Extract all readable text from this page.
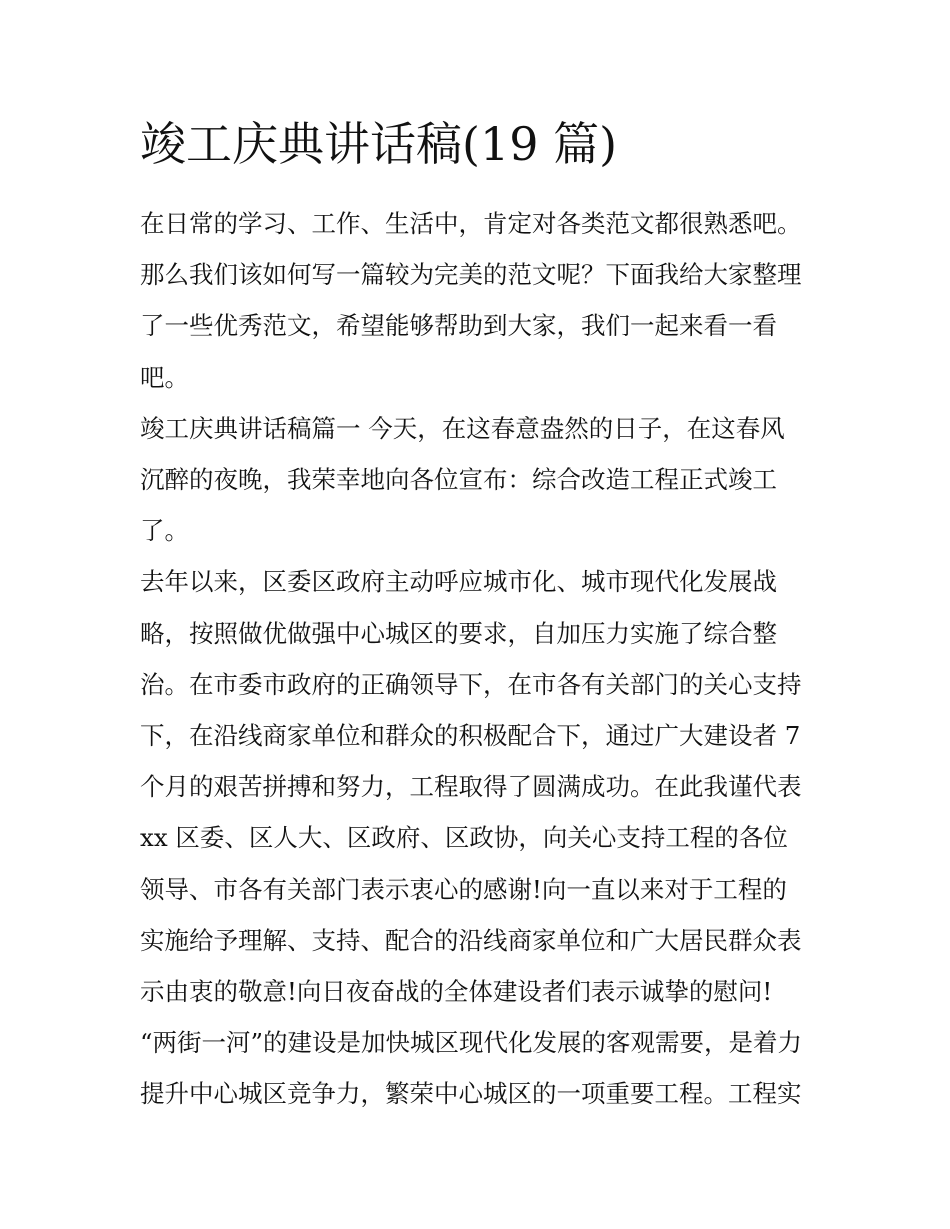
竣工庆典讲话稿(19 篇)
在日常的学习、工作、生活中，肯定对各类范文都很熟悉吧。
那么我们该如何写一篇较为完美的范文呢？下面我给大家整理
了一些优秀范文，希望能够帮助到大家，我们一起来看一看
吧。
竣工庆典讲话稿篇一 今天，在这春意盎然的日子，在这春风
沉醉的夜晚，我荣幸地向各位宣布：综合改造工程正式竣工
了。
去年以来，区委区政府主动呼应城市化、城市现代化发展战
略，按照做优做强中心城区的要求，自加压力实施了综合整
治。在市委市政府的正确领导下，在市各有关部门的关心支持
下，在沿线商家单位和群众的积极配合下，通过广大建设者 7
个月的艰苦拼搏和努力，工程取得了圆满成功。在此我谨代表
xx 区委、区人大、区政府、区政协，向关心支持工程的各位
领导、市各有关部门表示衷心的感谢!向一直以来对于工程的
实施给予理解、支持、配合的沿线商家单位和广大居民群众表
示由衷的敬意!向日夜奋战的全体建设者们表示诚挚的慰问!
“两街一河”的建设是加快城区现代化发展的客观需要，是着力
提升中心城区竞争力，繁荣中心城区的一项重要工程。工程实
